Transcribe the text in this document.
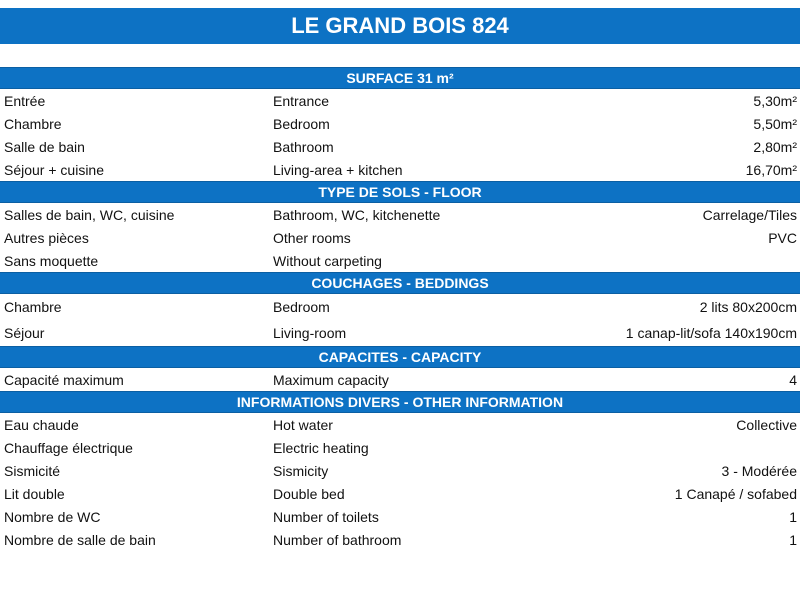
LE GRAND BOIS 824
SURFACE 31 m²
Entrée	Entrance	5,30m²
Chambre	Bedroom	5,50m²
Salle de bain	Bathroom	2,80m²
Séjour + cuisine	Living-area + kitchen	16,70m²
TYPE DE SOLS - FLOOR
Salles de bain, WC, cuisine	Bathroom, WC, kitchenette	Carrelage/Tiles
Autres pièces	Other rooms	PVC
Sans moquette	Without carpeting
COUCHAGES - BEDDINGS
Chambre	Bedroom	2 lits 80x200cm
Séjour	Living-room	1 canap-lit/sofa 140x190cm
CAPACITES - CAPACITY
Capacité maximum	Maximum capacity	4
INFORMATIONS DIVERS - OTHER INFORMATION
Eau chaude	Hot water	Collective
Chauffage électrique	Electric heating
Sismicité	Sismicity	3 - Modérée
Lit double	Double bed	1 Canapé / sofabed
Nombre de WC	Number of toilets	1
Nombre de salle de bain	Number of bathroom	1
